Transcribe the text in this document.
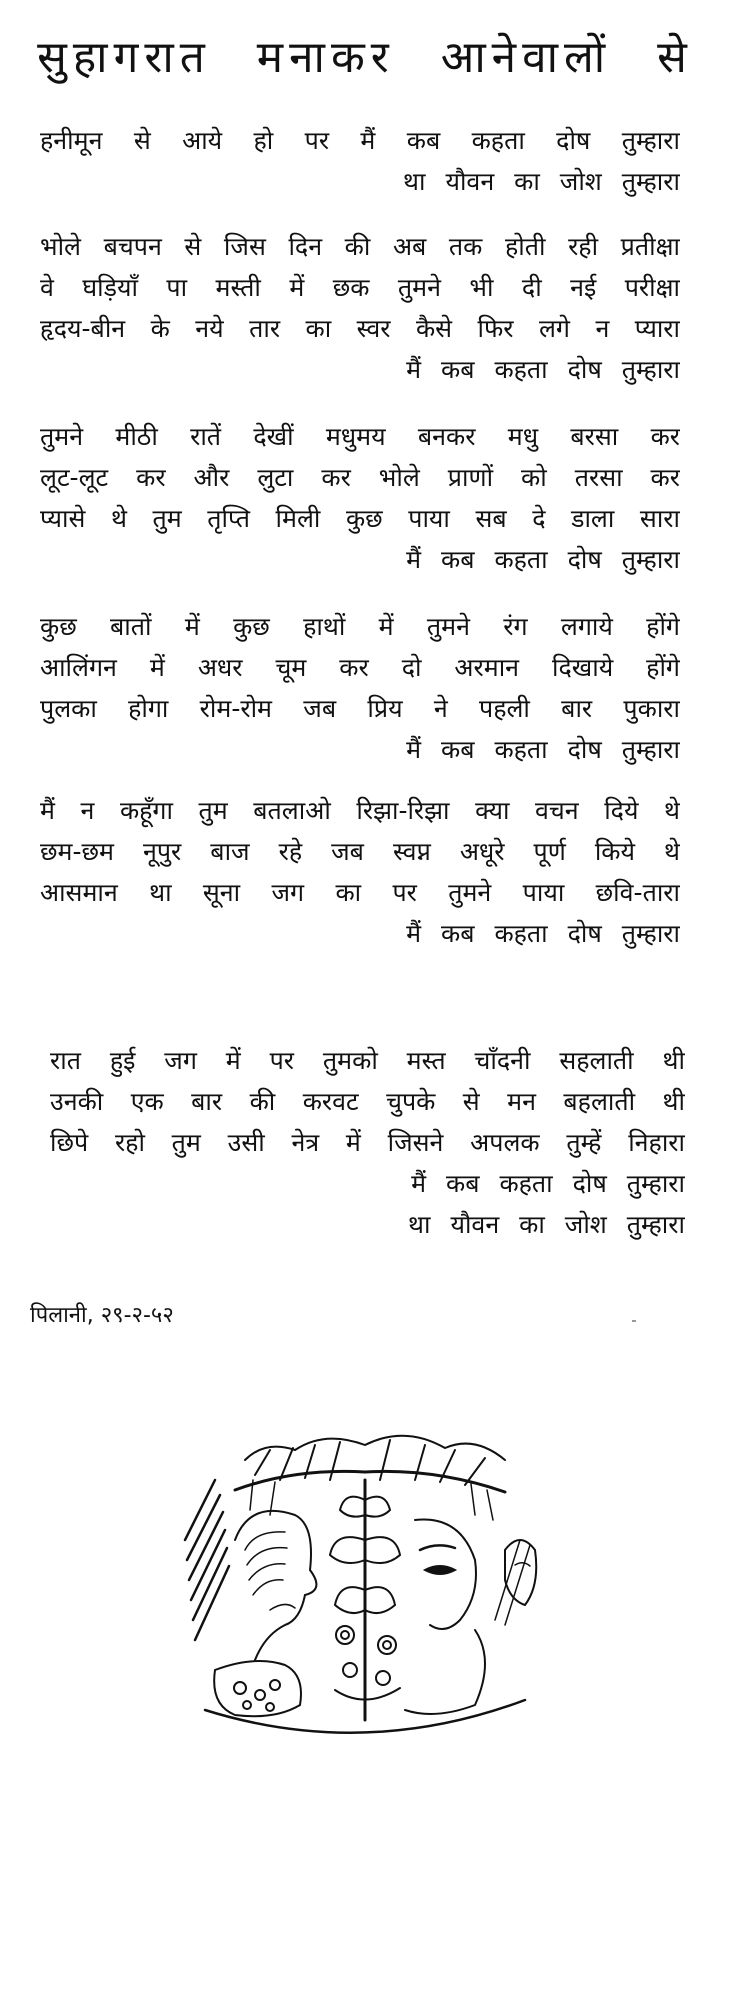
सुहागरात मनाकर आनेवालों से
हनीमून से आये हो पर मैं कब कहता दोष तुम्हारा
था यौवन का जोश तुम्हारा
भोले बचपन से जिस दिन की अब तक होती रही प्रतीक्षा
वे घड़ियाँ पा मस्ती में छक तुमने भी दी नई परीक्षा
हृदय-बीन के नये तार का स्वर कैसे फिर लगे न प्यारा
मैं कब कहता दोष तुम्हारा
तुमने मीठी रातें देखीं मधुमय बनकर मधु बरसा कर
लूट-लूट कर और लुटा कर भोले प्राणों को तरसा कर
प्यासे थे तुम तृप्ति मिली कुछ पाया सब दे डाला सारा
मैं कब कहता दोष तुम्हारा
कुछ बातों में कुछ हाथों में तुमने रंग लगाये होंगे
आलिंगन में अधर चूम कर दो अरमान दिखाये होंगे
पुलका होगा रोम-रोम जब प्रिय ने पहली बार पुकारा
मैं कब कहता दोष तुम्हारा
मैं न कहूँगा तुम बतलाओ रिझा-रिझा क्या वचन दिये थे
छम-छम नूपुर बाज रहे जब स्वप्न अधूरे पूर्ण किये थे
आसमान था सूना जग का पर तुमने पाया छवि-तारा
मैं कब कहता दोष तुम्हारा
रात हुई जग में पर तुमको मस्त चाँदनी सहलाती थी
उनकी एक बार की करवट चुपके से मन बहलाती थी
छिपे रहो तुम उसी नेत्र में जिसने अपलक तुम्हें निहारा
मैं कब कहता दोष तुम्हारा
था यौवन का जोश तुम्हारा
पिलानी, २९-२-५२
